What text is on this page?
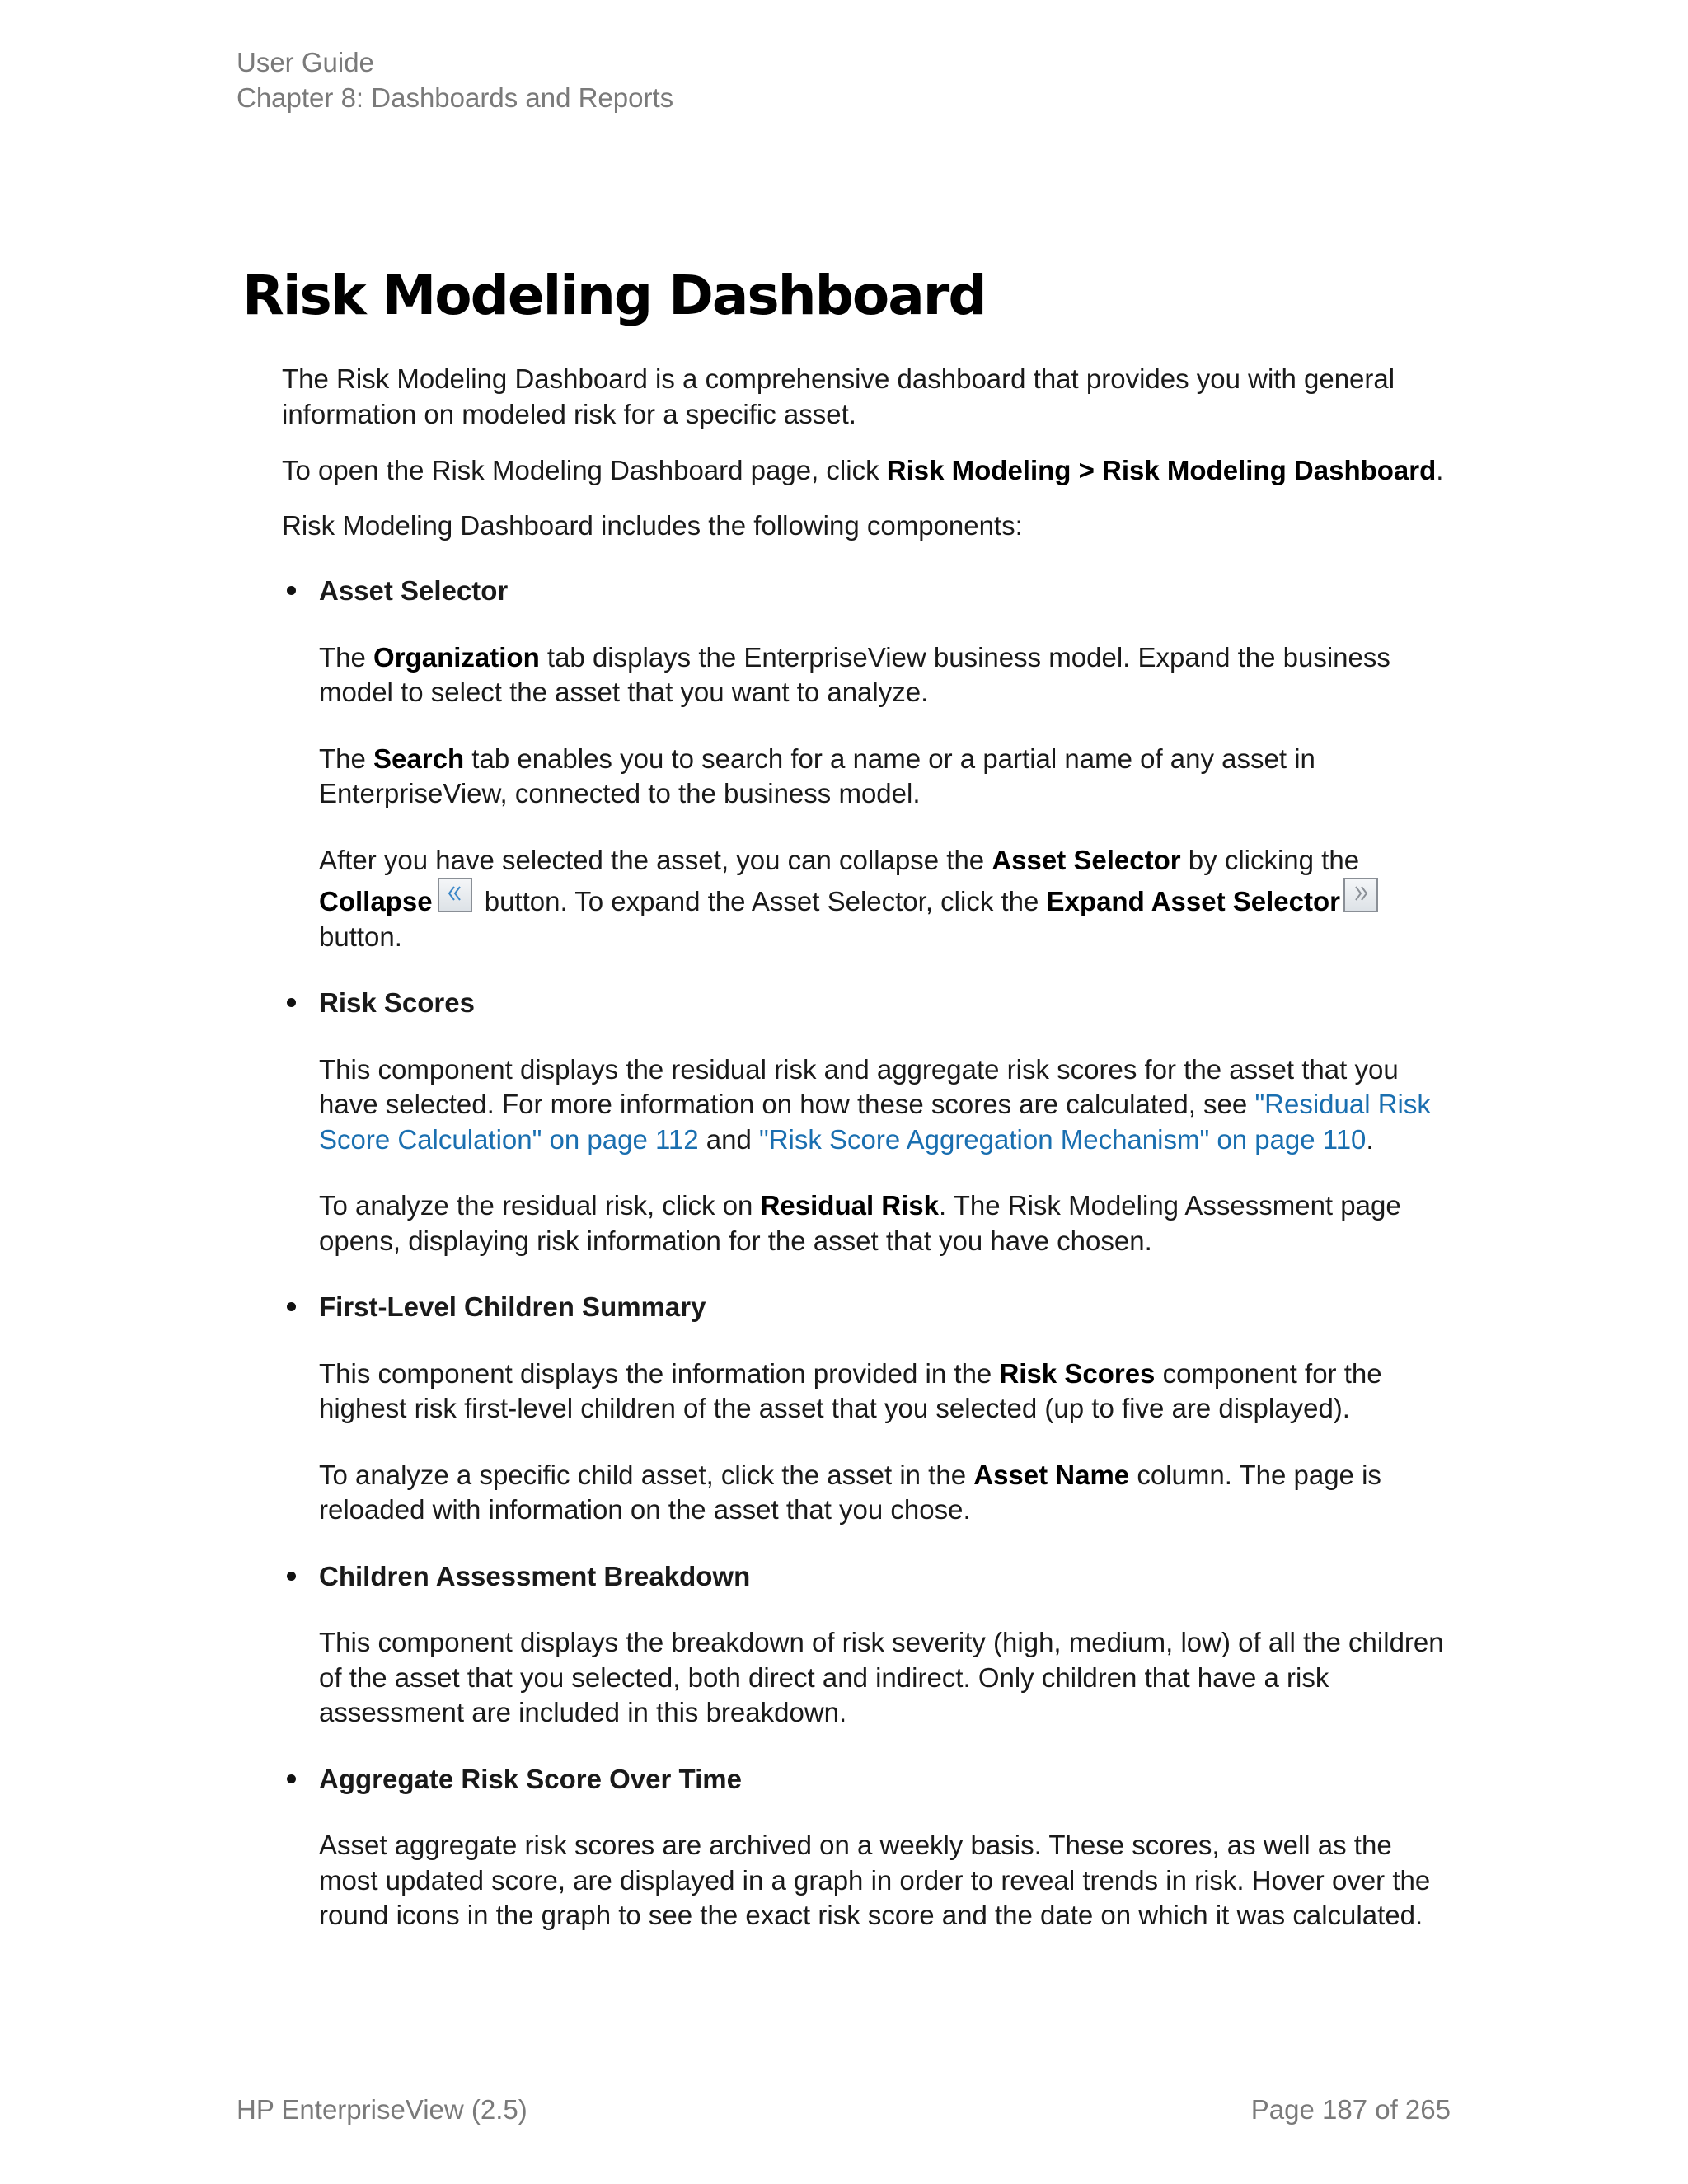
User Guide
Chapter 8: Dashboards and Reports
Risk Modeling Dashboard

The Risk Modeling Dashboard is a comprehensive dashboard that provides you with general information on modeled risk for a specific asset.

To open the Risk Modeling Dashboard page, click Risk Modeling > Risk Modeling Dashboard.

Risk Modeling Dashboard includes the following components:

Asset Selector

The Organization tab displays the EnterpriseView business model. Expand the business model to select the asset that you want to analyze.

The Search tab enables you to search for a name or a partial name of any asset in EnterpriseView, connected to the business model.

After you have selected the asset, you can collapse the Asset Selector by clicking the
Collapse
button. To expand the Asset Selector, click the Expand Asset Selector

button.

Risk Scores

This component displays the residual risk and aggregate risk scores for the asset that you have selected. For more information on how these scores are calculated, see "Residual Risk Score Calculation" on page 112 and "Risk Score Aggregation Mechanism" on page 110.

To analyze the residual risk, click on Residual Risk. The Risk Modeling Assessment page opens, displaying risk information for the asset that you have chosen.

First-Level Children Summary

This component displays the information provided in the Risk Scores component for the highest risk first-level children of the asset that you selected (up to five are displayed).

To analyze a specific child asset, click the asset in the Asset Name column. The page is reloaded with information on the asset that you chose.

Children Assessment Breakdown

This component displays the breakdown of risk severity (high, medium, low) of all the children of the asset that you selected, both direct and indirect. Only children that have a risk assessment are included in this breakdown.

Aggregate Risk Score Over Time

Asset aggregate risk scores are archived on a weekly basis. These scores, as well as the most updated score, are displayed in a graph in order to reveal trends in risk. Hover over the round icons in the graph to see the exact risk score and the date on which it was calculated.

HP EnterpriseView (2.5)	Page 187 of 265
